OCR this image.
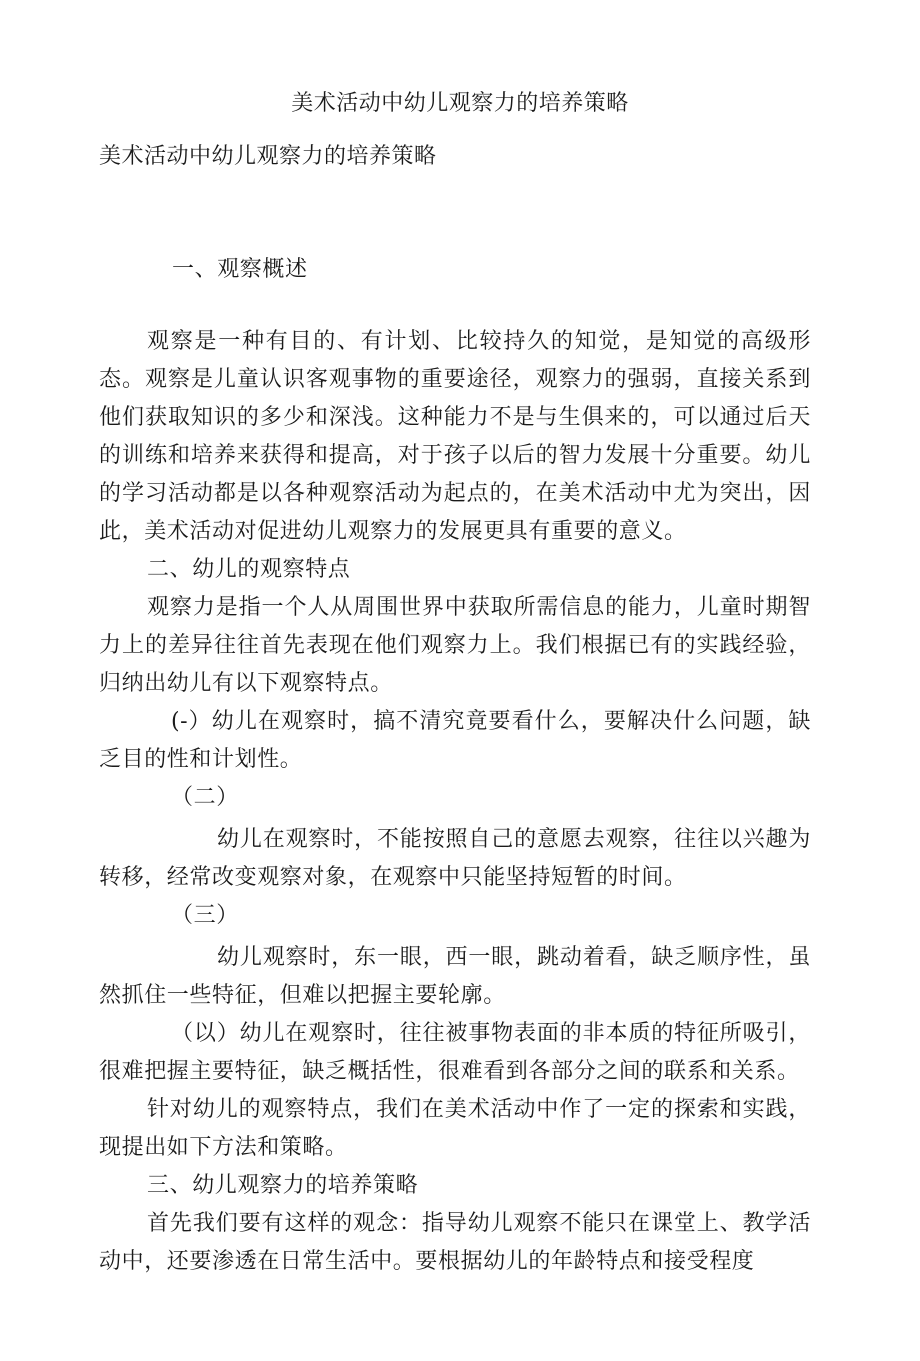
美术活动中幼儿观察力的培养策略
美术活动中幼儿观察力的培养策略
一、观察概述

观察是一种有目的、有计划、比较持久的知觉，是知觉的高级形态。观察是儿童认识客观事物的重要途径，观察力的强弱，直接关系到他们获取知识的多少和深浅。这种能力不是与生俱来的，可以通过后天的训练和培养来获得和提高，对于孩子以后的智力发展十分重要。幼儿的学习活动都是以各种观察活动为起点的，在美术活动中尤为突出，因此，美术活动对促进幼儿观察力的发展更具有重要的意义。

二、幼儿的观察特点

观察力是指一个人从周围世界中获取所需信息的能力，儿童时期智力上的差异往往首先表现在他们观察力上。我们根据已有的实践经验，归纳出幼儿有以下观察特点。

(-）幼儿在观察时，搞不清究竟要看什么，要解决什么问题，缺乏目的性和计划性。

（二）

幼儿在观察时，不能按照自己的意愿去观察，往往以兴趣为转移，经常改变观察对象，在观察中只能坚持短暂的时间。

（三）

幼儿观察时，东一眼，西一眼，跳动着看，缺乏顺序性，虽然抓住一些特征，但难以把握主要轮廓。

（以）幼儿在观察时，往往被事物表面的非本质的特征所吸引，很难把握主要特征，缺乏概括性，很难看到各部分之间的联系和关系。

针对幼儿的观察特点，我们在美术活动中作了一定的探索和实践，现提出如下方法和策略。

三、幼儿观察力的培养策略

首先我们要有这样的观念：指导幼儿观察不能只在课堂上、教学活动中，还要渗透在日常生活中。要根据幼儿的年龄特点和接受程度
